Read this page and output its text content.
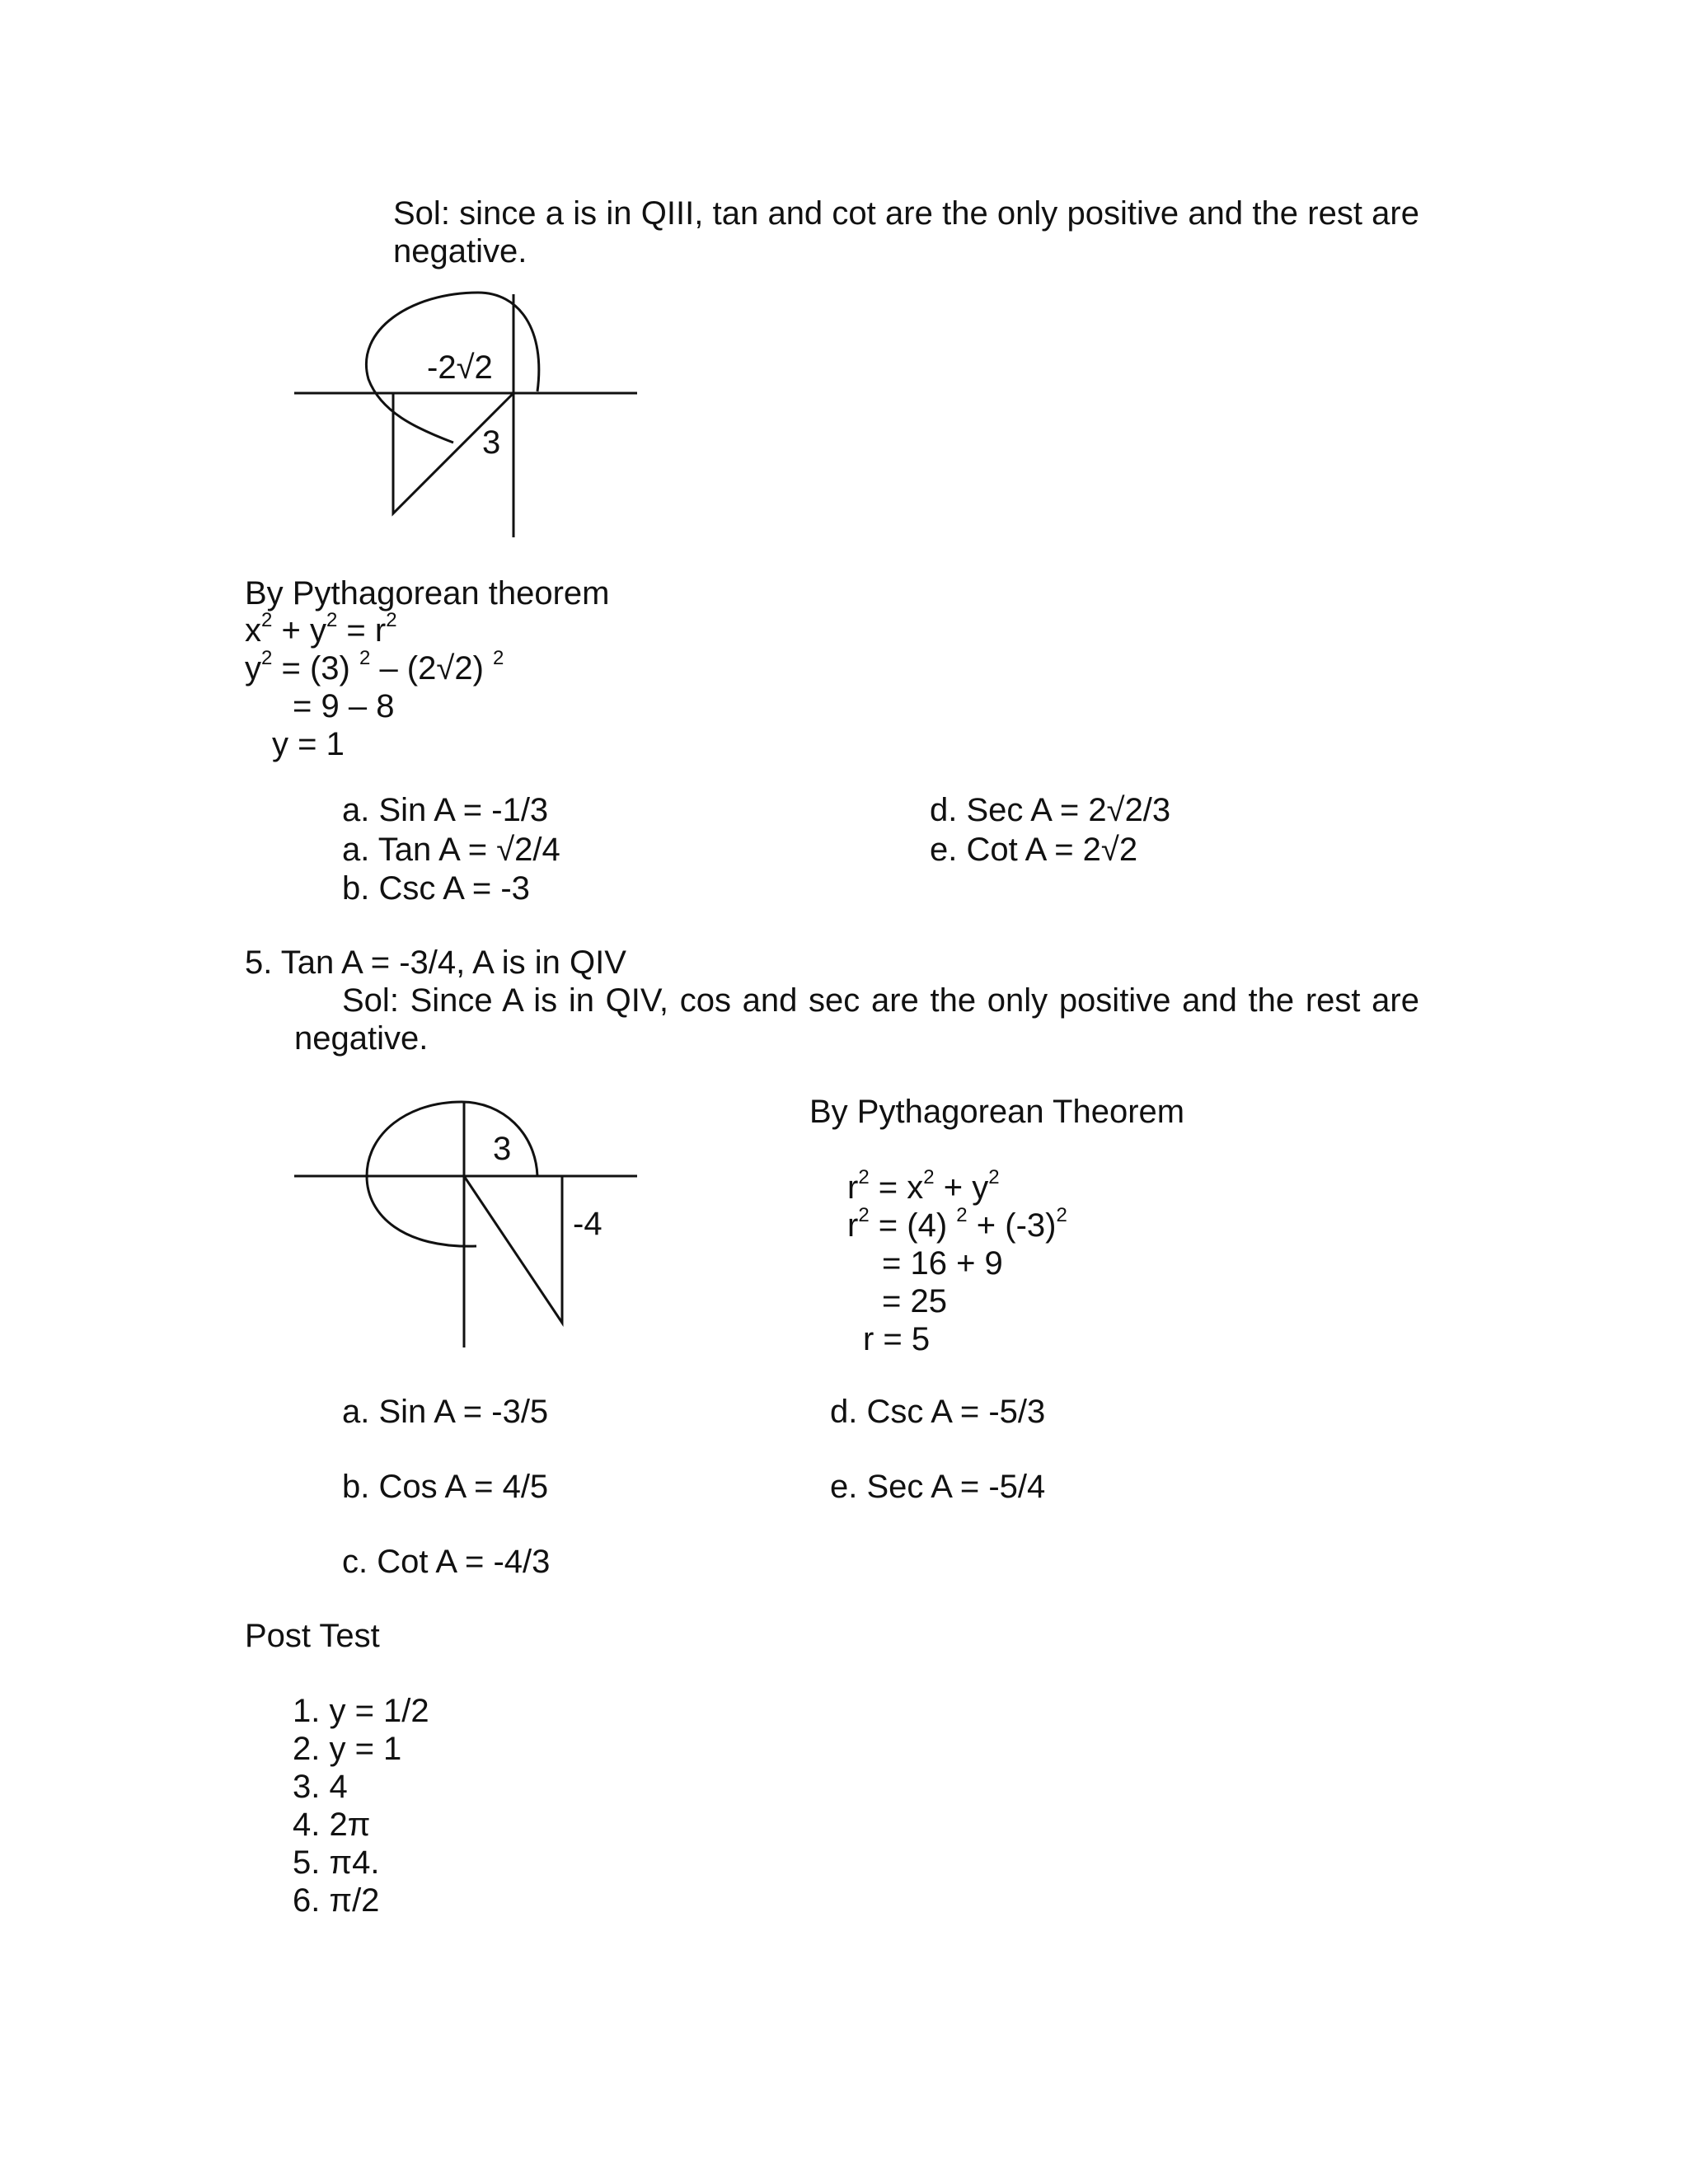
Sol: since a is in QIII, tan and cot are the only positive and the rest are negative.
-2√2
3
By Pythagorean theorem
$x^2 + y^2 = r^2$
$y^2 = (3)$ $^2$ – (2√2) $^2$
= 9 – 8
y = 1
a. Sin A = -1/3
a. Tan A = √2/4
b. Csc A = -3
d. Sec A = 2√2/3
e. Cot A = 2√2
5. Tan A = -3/4, A is in QIV
Sol: Since A is in QIV, cos and sec are the only positive and the rest are negative.
3
-4
By Pythagorean Theorem
$r^2 = x^2 + y^2$
$r^2 = (4) ^2 + (-3)^2$
= 16 + 9
= 25
r = 5
a. Sin A = -3/5
b. Cos A = 4/5
c. Cot A = -4/3
d. Csc A = -5/3
e. Sec A = -5/4
Post Test
1. y = 1/2
2. y = 1
3. 4
4. 2π
5. π4.
6. π/2
